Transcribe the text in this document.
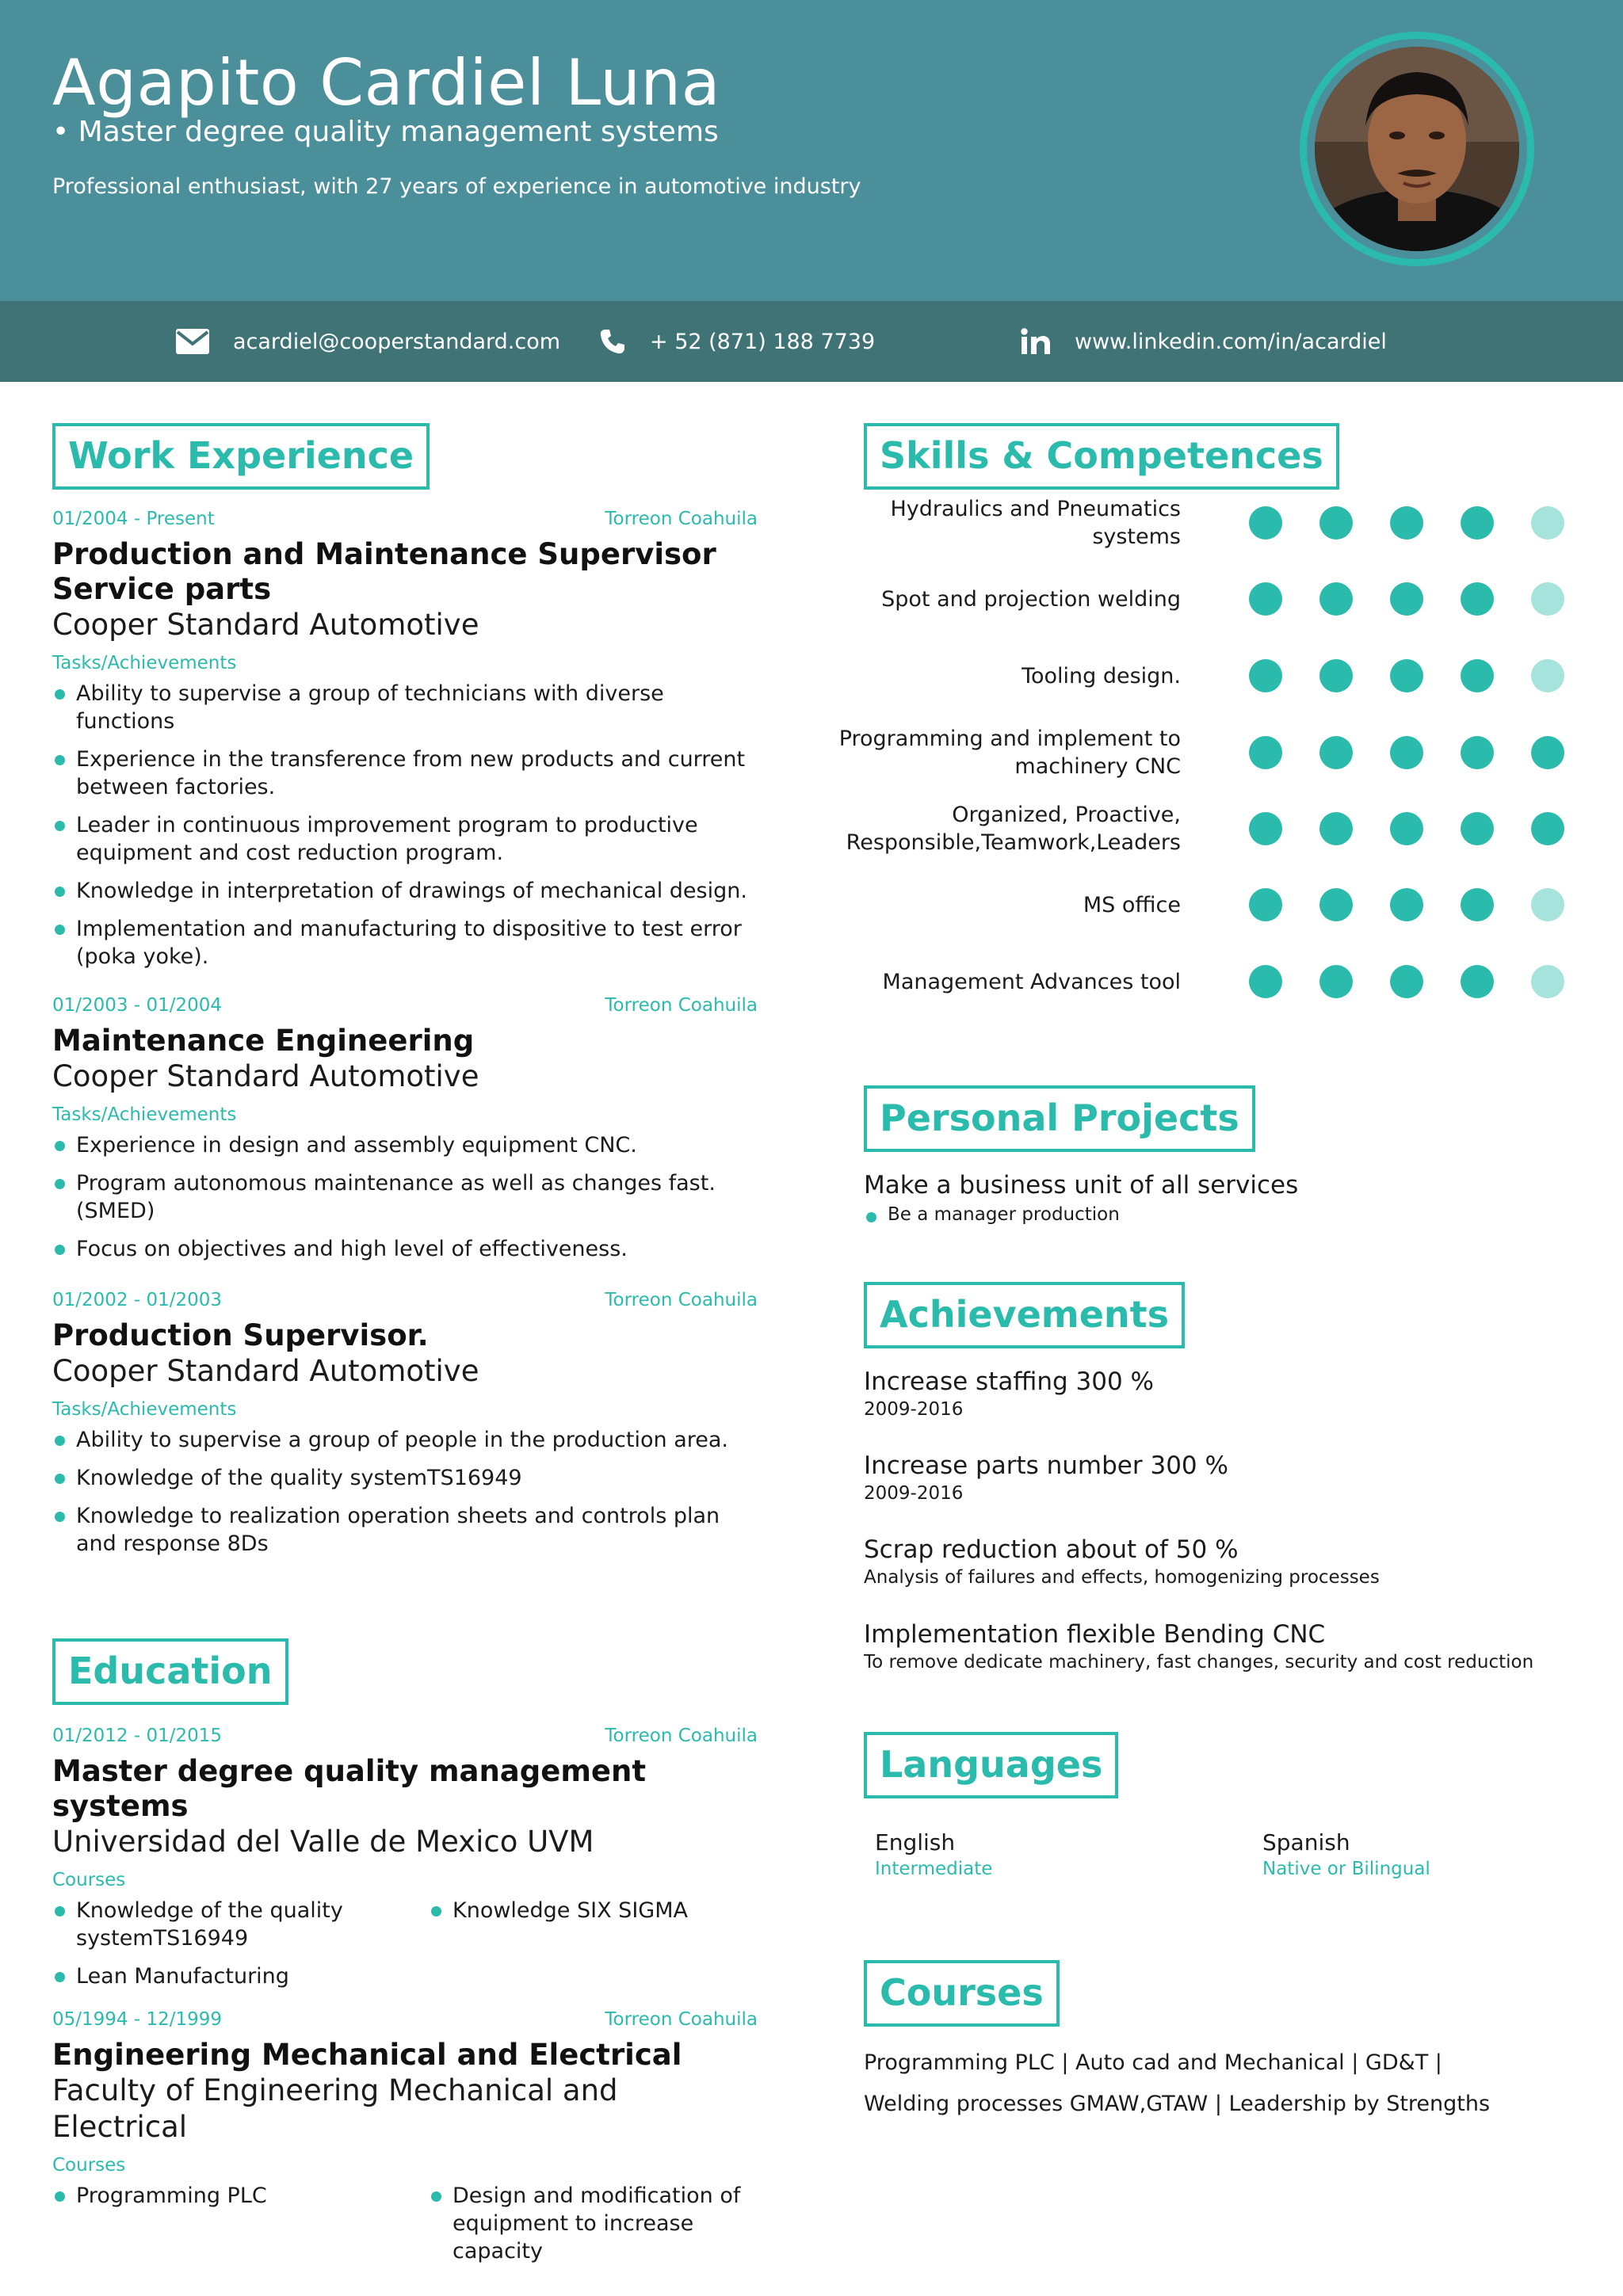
Agapito Cardiel Luna
• Master degree quality management systems
Professional enthusiast, with 27 years of experience in automotive industry
acardiel@cooperstandard.com	+ 52 (871) 188 7739	www.linkedin.com/in/acardiel
Work Experience
01/2004 - Present	Torreon Coahuila
Production and Maintenance Supervisor Service parts
Cooper Standard Automotive
Tasks/Achievements
Ability to supervise a group of technicians with diverse functions
Experience in the transference from new products and current between factories.
Leader in continuous improvement program to productive equipment and cost reduction program.
Knowledge in interpretation of drawings of mechanical design.
Implementation and manufacturing to dispositive to test error (poka yoke).
01/2003 - 01/2004	Torreon Coahuila
Maintenance Engineering
Cooper Standard Automotive
Tasks/Achievements
Experience in design and assembly equipment CNC.
Program autonomous maintenance as well as changes fast.(SMED)
Focus on objectives and high level of effectiveness.
01/2002 - 01/2003	Torreon Coahuila
Production Supervisor.
Cooper Standard Automotive
Tasks/Achievements
Ability to supervise a group of people in the production area.
Knowledge of the quality systemTS16949
Knowledge to realization operation sheets and controls plan and response 8Ds
Education
01/2012 - 01/2015	Torreon Coahuila
Master degree quality management systems
Universidad del Valle de Mexico UVM
Courses
Knowledge of the quality systemTS16949
Lean Manufacturing
Knowledge SIX SIGMA
05/1994 - 12/1999	Torreon Coahuila
Engineering Mechanical and Electrical
Faculty of Engineering Mechanical and Electrical
Courses
Programming PLC	Design and modification of equipment to increase capacity
Skills & Competences
Hydraulics and Pneumatics systems
Spot and projection welding
Tooling design.
Programming and implement to machinery CNC
Organized, Proactive, Responsible,Teamwork,Leaders
MS office
Management Advances tool
Personal Projects
Make a business unit of all services
Be a manager production
Achievements
Increase staffing 300 %
2009-2016
Increase parts number 300 %
2009-2016
Scrap reduction about of 50 %
Analysis of failures and effects, homogenizing processes
Implementation flexible Bending CNC
To remove dedicate machinery, fast changes, security and cost reduction
Languages
English
Intermediate
Spanish
Native or Bilingual
Courses
Programming PLC | Auto cad and Mechanical | GD&T |
Welding processes GMAW,GTAW | Leadership by Strengths
